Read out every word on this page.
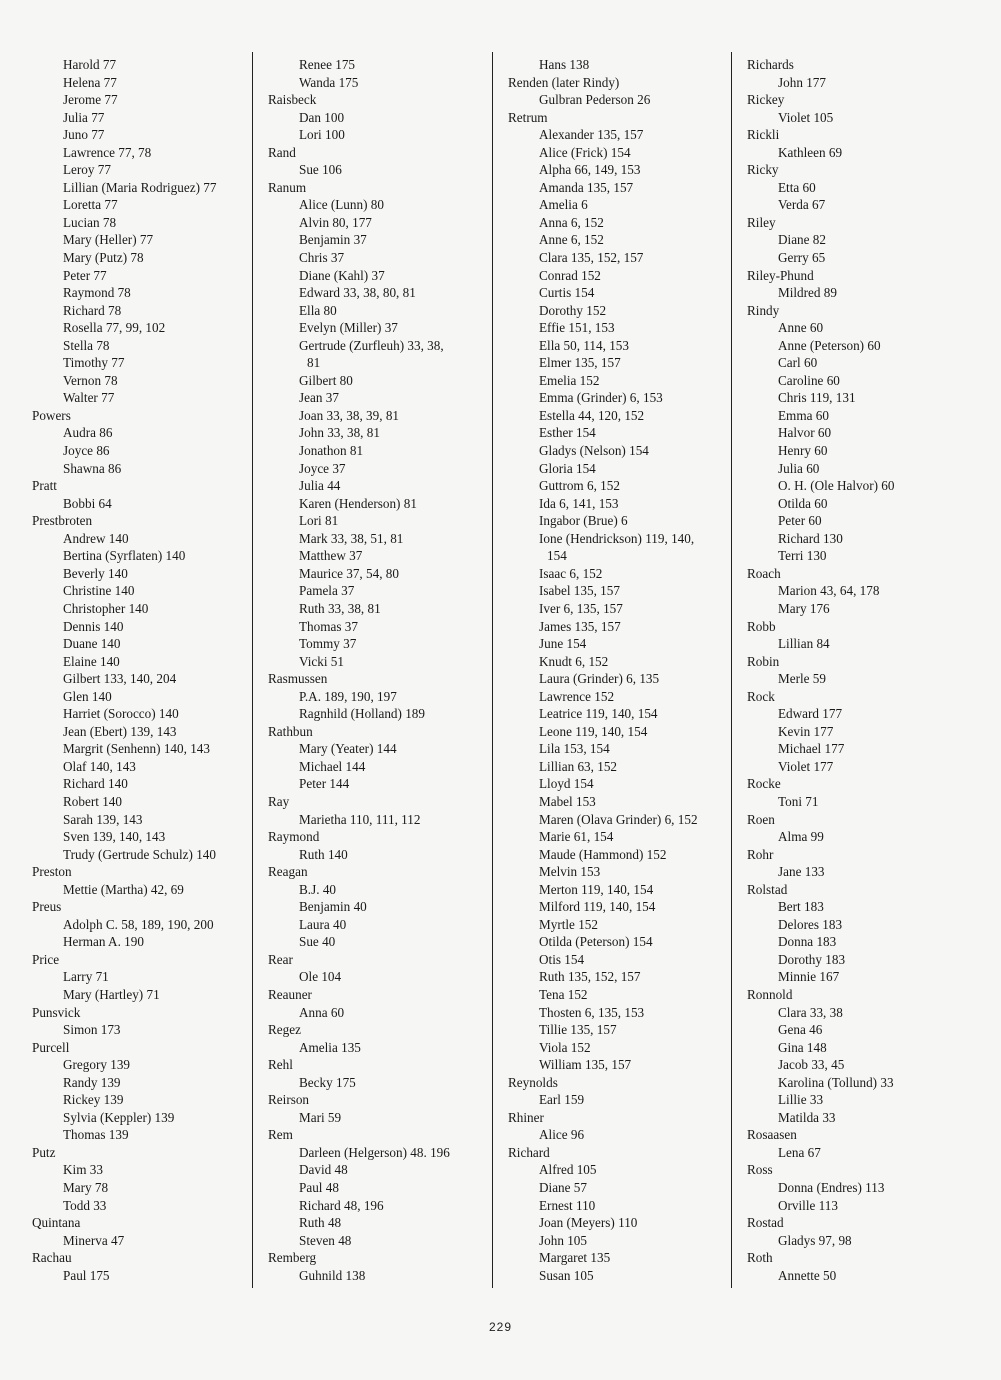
Harold 77
Helena 77
Jerome 77
Julia 77
Juno 77
Lawrence 77, 78
Leroy 77
Lillian (Maria Rodriguez) 77
Loretta 77
Lucian 78
Mary (Heller) 77
Mary (Putz) 78
Peter 77
Raymond 78
Richard 78
Rosella 77, 99, 102
Stella 78
Timothy 77
Vernon 78
Walter 77
Powers
Audra 86
Joyce 86
Shawna 86
Pratt
Bobbi 64
Prestbroten
Andrew 140
Bertina (Syrflaten) 140
Beverly 140
Christine 140
Christopher 140
Dennis 140
Duane 140
Elaine 140
Gilbert 133, 140, 204
Glen 140
Harriet (Sorocco) 140
Jean (Ebert) 139, 143
Margrit (Senhenn) 140, 143
Olaf 140, 143
Richard 140
Robert 140
Sarah 139, 143
Sven 139, 140, 143
Trudy (Gertrude Schulz) 140
Preston
Mettie (Martha) 42, 69
Preus
Adolph C. 58, 189, 190, 200
Herman A. 190
Price
Larry 71
Mary (Hartley) 71
Punsvick
Simon 173
Purcell
Gregory 139
Randy 139
Rickey 139
Sylvia (Keppler) 139
Thomas 139
Putz
Kim 33
Mary 78
Todd 33
Quintana
Minerva 47
Rachau
Paul 175
Renee 175
Wanda 175
Raisbeck
Dan 100
Lori 100
Rand
Sue 106
Ranum
Alice (Lunn) 80
Alvin 80, 177
Benjamin 37
Chris 37
Diane (Kahl) 37
Edward 33, 38, 80, 81
Ella 80
Evelyn (Miller) 37
Gertrude (Zurfleuh) 33, 38,
81
Gilbert 80
Jean 37
Joan 33, 38, 39, 81
John 33, 38, 81
Jonathon 81
Joyce 37
Julia 44
Karen (Henderson) 81
Lori 81
Mark 33, 38, 51, 81
Matthew 37
Maurice 37, 54, 80
Pamela 37
Ruth 33, 38, 81
Thomas 37
Tommy 37
Vicki 51
Rasmussen
P.A. 189, 190, 197
Ragnhild (Holland) 189
Rathbun
Mary (Yeater) 144
Michael 144
Peter 144
Ray
Marietha 110, 111, 112
Raymond
Ruth 140
Reagan
B.J. 40
Benjamin 40
Laura 40
Sue 40
Rear
Ole 104
Reauner
Anna 60
Regez
Amelia 135
Rehl
Becky 175
Reirson
Mari 59
Rem
Darleen (Helgerson) 48. 196
David 48
Paul 48
Richard 48, 196
Ruth 48
Steven 48
Remberg
Guhnild 138
Hans 138
Renden (later Rindy)
Gulbran Pederson 26
Retrum
Alexander 135, 157
Alice (Frick) 154
Alpha 66, 149, 153
Amanda 135, 157
Amelia 6
Anna 6, 152
Anne 6, 152
Clara 135, 152, 157
Conrad 152
Curtis 154
Dorothy 152
Effie 151, 153
Ella 50, 114, 153
Elmer 135, 157
Emelia 152
Emma (Grinder) 6, 153
Estella 44, 120, 152
Esther 154
Gladys (Nelson) 154
Gloria 154
Guttrom 6, 152
Ida 6, 141, 153
Ingabor (Brue) 6
Ione (Hendrickson) 119, 140,
154
Isaac 6, 152
Isabel 135, 157
Iver 6, 135, 157
James 135, 157
June 154
Knudt 6, 152
Laura (Grinder) 6, 135
Lawrence 152
Leatrice 119, 140, 154
Leone 119, 140, 154
Lila 153, 154
Lillian 63, 152
Lloyd 154
Mabel 153
Maren (Olava Grinder) 6, 152
Marie 61, 154
Maude (Hammond) 152
Melvin 153
Merton 119, 140, 154
Milford 119, 140, 154
Myrtle 152
Otilda (Peterson) 154
Otis 154
Ruth 135, 152, 157
Tena 152
Thosten 6, 135, 153
Tillie 135, 157
Viola 152
William 135, 157
Reynolds
Earl 159
Rhiner
Alice 96
Richard
Alfred 105
Diane 57
Ernest 110
Joan (Meyers) 110
John 105
Margaret 135
Susan 105
Richards
John 177
Rickey
Violet 105
Rickli
Kathleen 69
Ricky
Etta 60
Verda 67
Riley
Diane 82
Gerry 65
Riley-Phund
Mildred 89
Rindy
Anne 60
Anne (Peterson) 60
Carl 60
Caroline 60
Chris 119, 131
Emma 60
Halvor 60
Henry 60
Julia 60
O. H. (Ole Halvor) 60
Otilda 60
Peter 60
Richard 130
Terri 130
Roach
Marion 43, 64, 178
Mary 176
Robb
Lillian 84
Robin
Merle 59
Rock
Edward 177
Kevin 177
Michael 177
Violet 177
Rocke
Toni 71
Roen
Alma 99
Rohr
Jane 133
Rolstad
Bert 183
Delores 183
Donna 183
Dorothy 183
Minnie 167
Ronnold
Clara 33, 38
Gena 46
Gina 148
Jacob 33, 45
Karolina (Tollund) 33
Lillie 33
Matilda 33
Rosaasen
Lena 67
Ross
Donna (Endres) 113
Orville 113
Rostad
Gladys 97, 98
Roth
Annette 50
229
